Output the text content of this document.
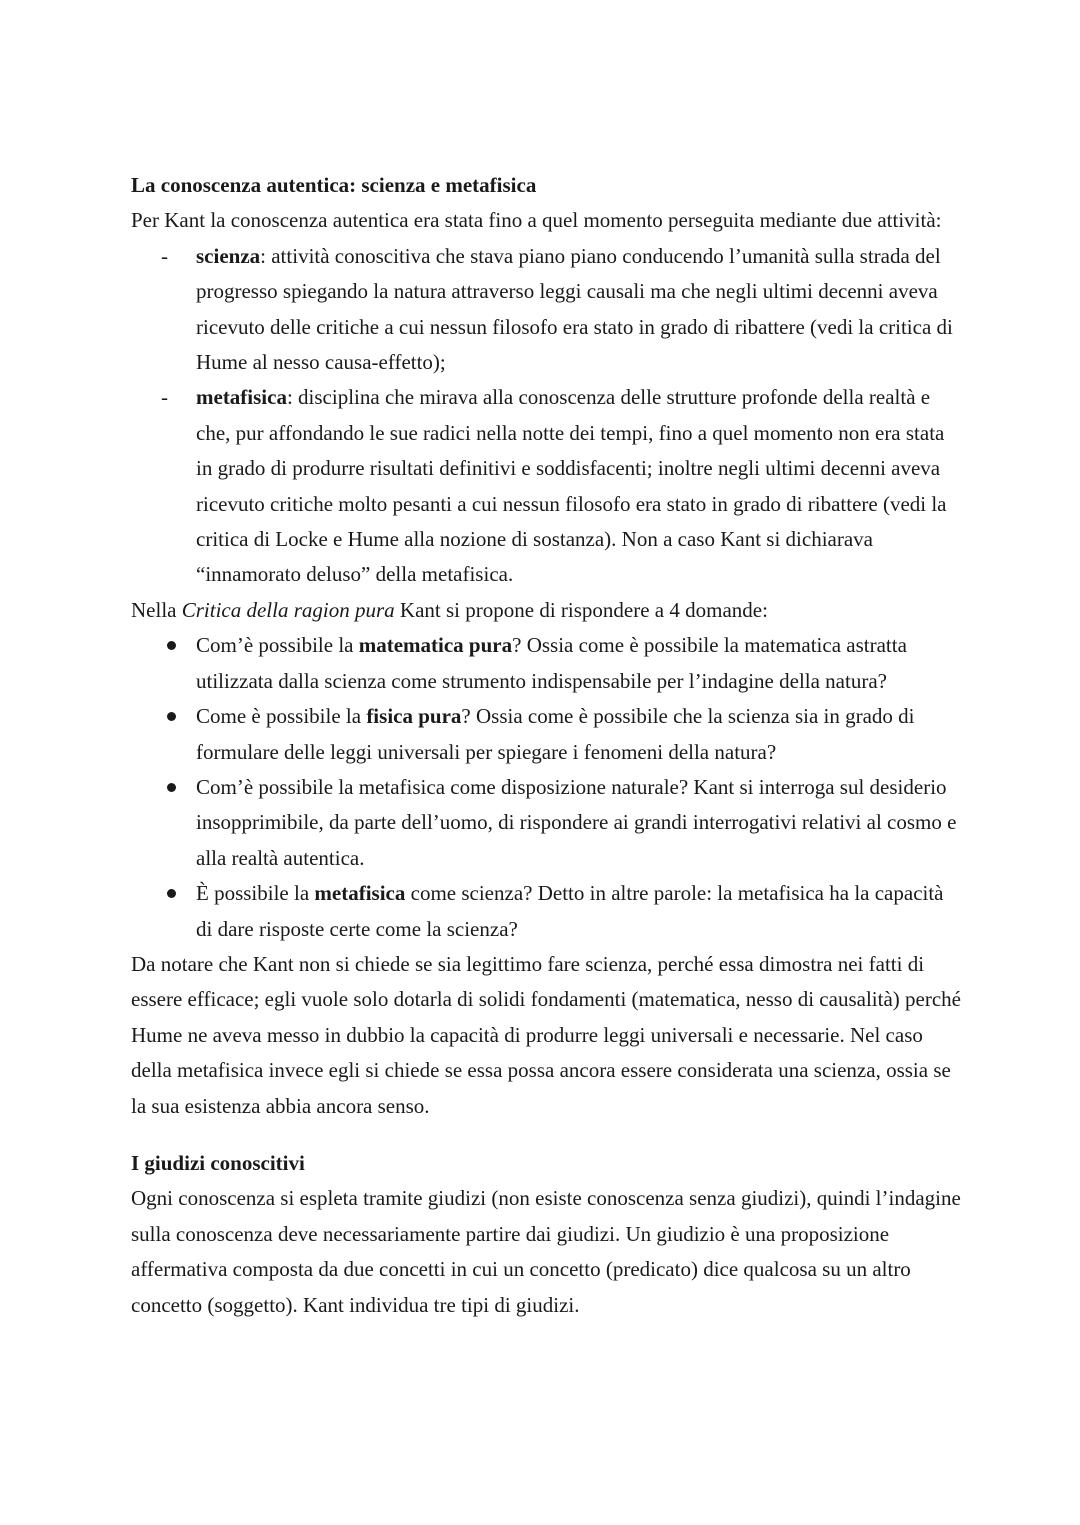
La conoscenza autentica: scienza e metafisica

Per Kant la conoscenza autentica era stata fino a quel momento perseguita mediante due attività:

- scienza: attività conoscitiva che stava piano piano conducendo l’umanità sulla strada del progresso spiegando la natura attraverso leggi causali ma che negli ultimi decenni aveva ricevuto delle critiche a cui nessun filosofo era stato in grado di ribattere (vedi la critica di Hume al nesso causa-effetto);
- metafisica: disciplina che mirava alla conoscenza delle strutture profonde della realtà e che, pur affondando le sue radici nella notte dei tempi, fino a quel momento non era stata in grado di produrre risultati definitivi e soddisfacenti; inoltre negli ultimi decenni aveva ricevuto critiche molto pesanti a cui nessun filosofo era stato in grado di ribattere (vedi la critica di Locke e Hume alla nozione di sostanza). Non a caso Kant si dichiarava “innamorato deluso” della metafisica.

Nella Critica della ragion pura Kant si propone di rispondere a 4 domande:

Com’è possibile la matematica pura? Ossia come è possibile la matematica astratta utilizzata dalla scienza come strumento indispensabile per l’indagine della natura?
Come è possibile la fisica pura? Ossia come è possibile che la scienza sia in grado di formulare delle leggi universali per spiegare i fenomeni della natura?
Com’è possibile la metafisica come disposizione naturale? Kant si interroga sul desiderio insopprimibile, da parte dell’uomo, di rispondere ai grandi interrogativi relativi al cosmo e alla realtà autentica.
È possibile la metafisica come scienza? Detto in altre parole: la metafisica ha la capacità di dare risposte certe come la scienza?

Da notare che Kant non si chiede se sia legittimo fare scienza, perché essa dimostra nei fatti di essere efficace; egli vuole solo dotarla di solidi fondamenti (matematica, nesso di causalità) perché Hume ne aveva messo in dubbio la capacità di produrre leggi universali e necessarie. Nel caso della metafisica invece egli si chiede se essa possa ancora essere considerata una scienza, ossia se la sua esistenza abbia ancora senso.

I giudizi conoscitivi

Ogni conoscenza si espleta tramite giudizi (non esiste conoscenza senza giudizi), quindi l’indagine sulla conoscenza deve necessariamente partire dai giudizi. Un giudizio è una proposizione affermativa composta da due concetti in cui un concetto (predicato) dice qualcosa su un altro concetto (soggetto). Kant individua tre tipi di giudizi.
